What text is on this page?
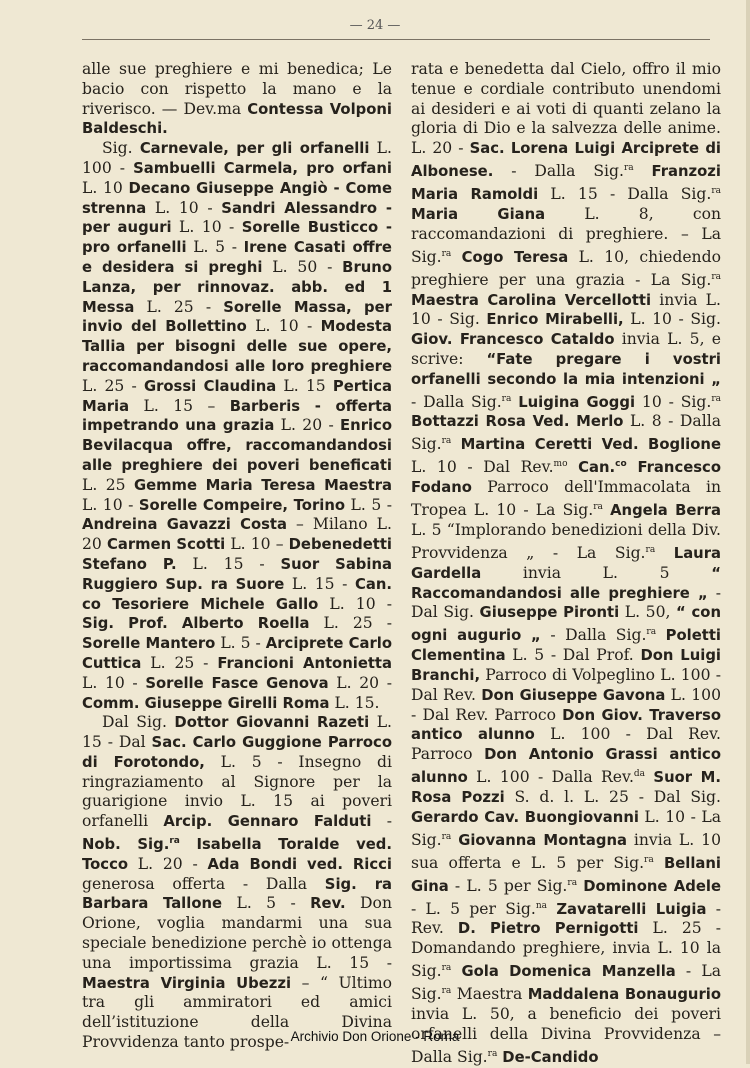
— 24 —

alle sue preghiere e mi benedica; Le bacio con rispetto la mano e la riverisco. — Dev.ma Contessa Volponi Baldeschi.

Sig. Carnevale, per gli orfanelli L. 100 - Sambuelli Carmela, pro orfani L. 10 Decano Giuseppe Angiò - Come strenna L. 10 - Sandri Alessandro - per auguri L. 10 - Sorelle Busticco - pro orfanelli L. 5 - Irene Casati offre e desidera si preghi L. 50 - Bruno Lanza, per rinnovaz. abb. ed 1 Messa L. 25 - Sorelle Massa, per invio del Bollettino L. 10 - Modesta Tallia per bisogni delle sue opere, raccomandandosi alle loro preghiere L. 25 - Grossi Claudina L. 15 Pertica Maria L. 15 – Barberis - offerta impetrando una grazia L. 20 - Enrico Bevilacqua offre, raccomandandosi alle preghiere dei poveri beneficati L. 25 Gemme Maria Teresa Maestra L. 10 - Sorelle Compeire, Torino L. 5 - Andreina Gavazzi Costa – Milano L. 20 Carmen Scotti L. 10 – Debenedetti Stefano P. L. 15 - Suor Sabina Ruggiero Sup. ra Suore L. 15 - Can. co Tesoriere Michele Gallo L. 10 - Sig. Prof. Alberto Roella L. 25 - Sorelle Mantero L. 5 - Arciprete Carlo Cuttica L. 25 - Francioni Antonietta L. 10 - Sorelle Fasce Genova L. 20 - Comm. Giuseppe Girelli Roma L. 15.

Dal Sig. Dottor Giovanni Razeti L. 15 - Dal Sac. Carlo Guggione Parroco di Forotondo, L. 5 - Insegno di ringraziamento al Signore per la guarigione invio L. 15 ai poveri orfanelli Arcip. Gennaro Falduti - Nob. Sig.$^{ra}$ Isabella Toralde ved. Tocco L. 20 - Ada Bondi ved. Ricci generosa offerta - Dalla Sig. ra Barbara Tallone L. 5 - Rev. Don Orione, voglia mandarmi una sua speciale benedizione perchè io ottenga una importissima grazia L. 15 - Maestra Virginia Ubezzi – “ Ultimo tra gli ammiratori ed amici dell’istituzione della Divina Provvidenza tanto prospe-

rata e benedetta dal Cielo, offro il mio tenue e cordiale contributo unendomi ai desideri e ai voti di quanti zelano la gloria di Dio e la salvezza delle anime. L. 20 - Sac. Lorena Luigi Arciprete di Albonese. - Dalla Sig.$^{ra}$ Franzozi Maria Ramoldi L. 15 - Dalla Sig.$^{ra}$ Maria Giana L. 8, con raccomandazioni di preghiere. – La Sig.$^{ra}$ Cogo Teresa L. 10, chiedendo preghiere per una grazia - La Sig.$^{ra}$ Maestra Carolina Vercellotti invia L. 10 - Sig. Enrico Mirabelli, L. 10 - Sig. Giov. Francesco Cataldo invia L. 5, e scrive: “Fate pregare i vostri orfanelli secondo la mia intenzioni „ - Dalla Sig.$^{ra}$ Luigina Goggi 10 - Sig.$^{ra}$ Bottazzi Rosa Ved. Merlo L. 8 - Dalla Sig.$^{ra}$ Martina Ceretti Ved. Boglione L. 10 - Dal Rev.$^{mo}$ Can.$^{co}$ Francesco Fodano Parroco dell'Immacolata in Tropea L. 10 - La Sig.$^{ra}$ Angela Berra L. 5 “Implorando benedizioni della Div. Provvidenza „ - La Sig.$^{ra}$ Laura Gardella invia L. 5 “ Raccomandandosi alle preghiere „ - Dal Sig. Giuseppe Pironti L. 50, “ con ogni augurio „ - Dalla Sig.$^{ra}$ Poletti Clementina L. 5 - Dal Prof. Don Luigi Branchi, Parroco di Volpeglino L. 100 - Dal Rev. Don Giuseppe Gavona L. 100 - Dal Rev. Parroco Don Giov. Traverso antico alunno L. 100 - Dal Rev. Parroco Don Antonio Grassi antico alunno L. 100 - Dalla Rev.$^{da}$ Suor M. Rosa Pozzi S. d. l. L. 25 - Dal Sig. Gerardo Cav. Buongiovanni L. 10 - La Sig.$^{ra}$ Giovanna Montagna invia L. 10 sua offerta e L. 5 per Sig.$^{ra}$ Bellani Gina - L. 5 per Sig.$^{ra}$ Dominone Adele - L. 5 per Sig.$^{na}$ Zavatarelli Luigia - Rev. D. Pietro Pernigotti L. 25 - Domandando preghiere, invia L. 10 la Sig.$^{ra}$ Gola Domenica Manzella - La Sig.$^{ra}$ Maestra Maddalena Bonaugurio invia L. 50, a beneficio dei poveri orfanelli della Divina Provvidenza – Dalla Sig.$^{ra}$ De-Candido

Archivio Don Orione - Roma
